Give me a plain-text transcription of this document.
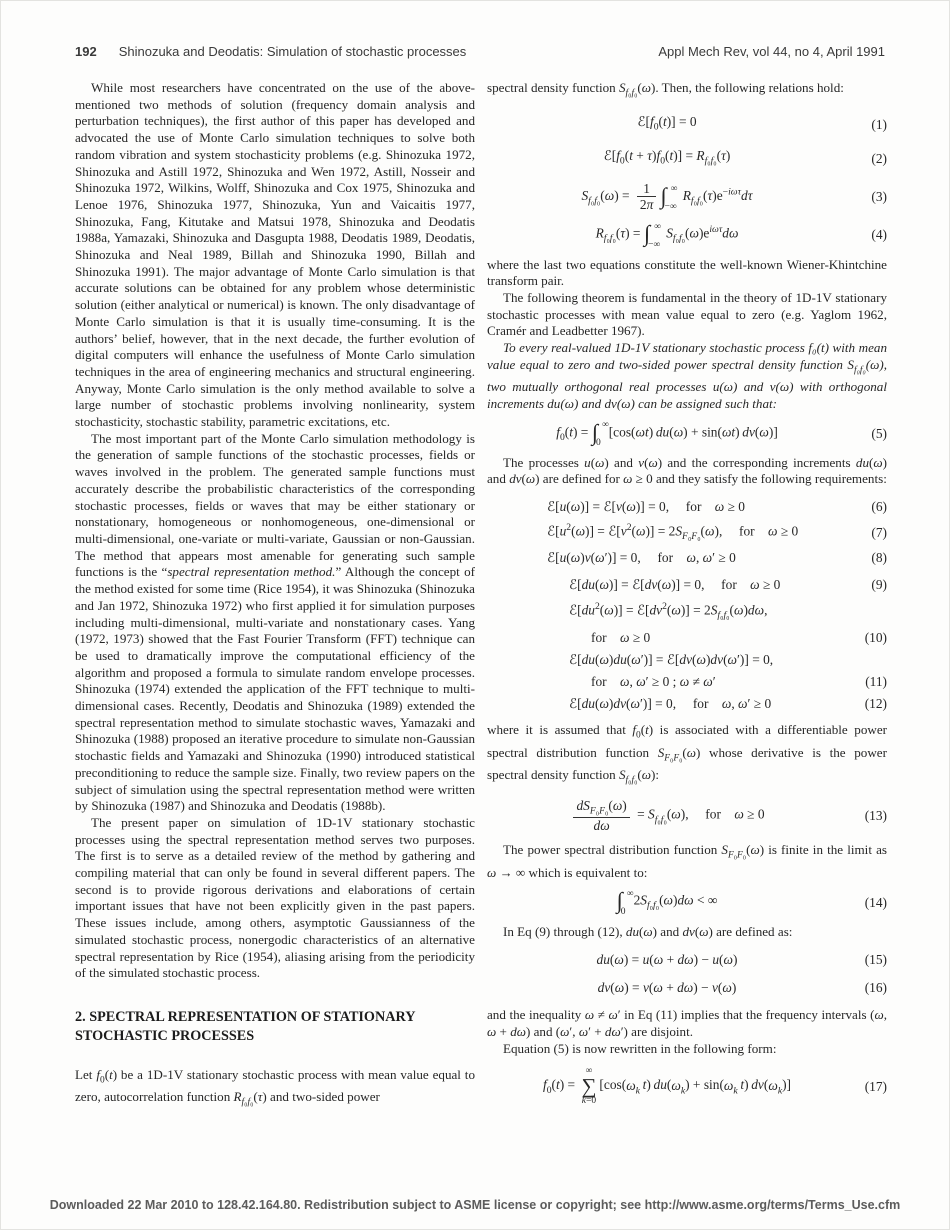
192 Shinozuka and Deodatis: Simulation of stochastic processes	Appl Mech Rev, vol 44, no 4, April 1991

While most researchers have concentrated on the use of the above-mentioned two methods of solution (frequency domain analysis and perturbation techniques), the first author of this paper has developed and advocated the use of Monte Carlo simulation techniques to solve both random vibration and system stochasticity problems (e.g. Shinozuka 1972, Shinozuka and Astill 1972, Shinozuka and Wen 1972, Astill, Nosseir and Shinozuka 1972, Wilkins, Wolff, Shinozuka and Cox 1975, Shinozuka and Lenoe 1976, Shinozuka 1977, Shinozuka, Yun and Vaicaitis 1977, Shinozuka, Fang, Kitutake and Matsui 1978, Shinozuka and Deodatis 1988a, Yamazaki, Shinozuka and Dasgupta 1988, Deodatis 1989, Deodatis, Shinozuka and Neal 1989, Billah and Shinozuka 1990, Billah and Shinozuka 1991). The major advantage of Monte Carlo simulation is that accurate solutions can be obtained for any problem whose deterministic solution (either analytical or numerical) is known. The only disadvantage of Monte Carlo simulation is that it is usually time-consuming. It is the authors’ belief, however, that in the next decade, the further evolution of digital computers will enhance the usefulness of Monte Carlo simulation techniques in the area of engineering mechanics and structural engineering. Anyway, Monte Carlo simulation is the only method available to solve a large number of stochastic problems involving nonlinearity, system stochasticity, stochastic stability, parametric excitations, etc.

The most important part of the Monte Carlo simulation methodology is the generation of sample functions of the stochastic processes, fields or waves involved in the problem. The generated sample functions must accurately describe the probabilistic characteristics of the corresponding stochastic processes, fields or waves that may be either stationary or nonstationary, homogeneous or nonhomogeneous, one-dimensional or multi-dimensional, one-variate or multi-variate, Gaussian or non-Gaussian. The method that appears most amenable for generating such sample functions is the “spectral representation method.” Although the concept of the method existed for some time (Rice 1954), it was Shinozuka (Shinozuka and Jan 1972, Shinozuka 1972) who first applied it for simulation purposes including multi-dimensional, multi-variate and nonstationary cases. Yang (1972, 1973) showed that the Fast Fourier Transform (FFT) technique can be used to dramatically improve the computational efficiency of the algorithm and proposed a formula to simulate random envelope processes. Shinozuka (1974) extended the application of the FFT technique to multi-dimensional cases. Recently, Deodatis and Shinozuka (1989) extended the spectral representation method to simulate stochastic waves, Yamazaki and Shinozuka (1988) proposed an iterative procedure to simulate non-Gaussian stochastic fields and Yamazaki and Shinozuka (1990) introduced statistical preconditioning to reduce the sample size. Finally, two review papers on the subject of simulation using the spectral representation method were written by Shinozuka (1987) and Shinozuka and Deodatis (1988b).

The present paper on simulation of 1D-1V stationary stochastic processes using the spectral representation method serves two purposes. The first is to serve as a detailed review of the method by gathering and compiling material that can only be found in several different papers. The second is to provide rigorous derivations and elaborations of certain important issues that have not been explicitly given in the past papers. These issues include, among others, asymptotic Gaussianness of the simulated stochastic process, nonergodic characteristics of an alternative spectral representation by Rice (1954), aliasing arising from the periodicity of the simulated stochastic process.

2. SPECTRAL REPRESENTATION OF STATIONARY STOCHASTIC PROCESSES

Let $f_0(t)$ be a 1D-1V stationary stochastic process with mean value equal to zero, autocorrelation function $R_{f_0f_0}(\tau)$ and two-sided power

spectral density function $S_{f_0f_0}(\omega)$. Then, the following relations hold:

$ℰ[f_0(t)] = 0$	(1)
$ℰ[f_0(t + \tau)f_0(t)] = R_{f_0f_0}(\tau)$	(2)
$S_{f_0f_0}(\omega) = \frac{1}{2\pi}$ ∫ ∞
−∞
$R_{f_0f_0}(\tau)e^{-i\omega\tau}d\tau$	(3)
$R_{f_0f_0}(\tau)$ = ∫ ∞
−∞
$S_{f_0f_0}(\omega)e^{i\omega\tau}d\omega$	(4)

where the last two equations constitute the well-known Wiener-Khintchine transform pair.

The following theorem is fundamental in the theory of 1D-1V stationary stochastic processes with mean value equal to zero (e.g. Yaglom 1962, Cramér and Leadbetter 1967).

To every real-valued 1D-1V stationary stochastic process f₀(t) with mean value equal to zero and two-sided power spectral density function $S_{f_0f_0}(\omega)$, two mutually orthogonal real processes u(ω) and v(ω) with orthogonal increments du(ω) and dv(ω) can be assigned such that:

$f_0(t)$ = ∫ ∞
0
[cos(ωt) du(ω) + sin(ωt) dv(ω)]	(5)

The processes u(ω) and v(ω) and the corresponding increments du(ω) and dv(ω) are defined for ω ≥ 0 and they satisfy the following requirements:

ℰ[u(ω)] = ℰ[v(ω)] = 0,  for ω ≥ 0	(6)
$ℰ[u^2(\omega)]$ = $ℰ[v^2(\omega)] = 2S_{F_0F_0}(\omega)$,  for ω ≥ 0	(7)
ℰ[u(ω)v(ω′)] = 0,  for ω, ω′ ≥ 0	(8)
ℰ[du(ω)] = ℰ[dv(ω)] = 0,  for ω ≥ 0	(9)
$ℰ[du^2(\omega)]$ = $ℰ[dv^2(\omega)] = 2S_{f_0f_0}(\omega)d\omega$,
for ω ≥ 0	(10)
ℰ[du(ω)du(ω′)] = ℰ[dv(ω)dv(ω′)] = 0,
for ω, ω′ ≥ 0 ; ω ≠ ω′	(11)
ℰ[du(ω)dv(ω′)] = 0,  for ω, ω′ ≥ 0	(12)

where it is assumed that $f_0(t)$ is associated with a differentiable power spectral distribution function $S_{F_0F_0}(\omega)$ whose derivative is the power spectral density function $S_{f_0f_0}(\omega)$:

$\frac{dS_{F_0F_0}(\omega)}{d\omega} = S_{f_0f_0}(\omega)$,  for ω ≥ 0	(13)

The power spectral distribution function $S_{F_0F_0}(\omega)$ is finite in the limit as ω → ∞ which is equivalent to:

∫ ∞
0
$2S_{f_0f_0}(\omega)d\omega$ < ∞	(14)

In Eq (9) through (12), du(ω) and dv(ω) are defined as:

du(ω) = u(ω + dω) − u(ω)	(15)
dv(ω) = v(ω + dω) − v(ω)	(16)

and the inequality ω ≠ ω′ in Eq (11) implies that the frequency intervals (ω, ω + dω) and (ω′, ω′ + dω′) are disjoint.

Equation (5) is now rewritten in the following form:

$f_0(t)$ =
∞
∑
k=0
[$\cos(\omega_k$  t) $du(\omega_k) + \sin(\omega_k$  t) $dv(\omega_k)$]	(17)
Downloaded 22 Mar 2010 to 128.42.164.80. Redistribution subject to ASME license or copyright; see http://www.asme.org/terms/Terms_Use.cfm
